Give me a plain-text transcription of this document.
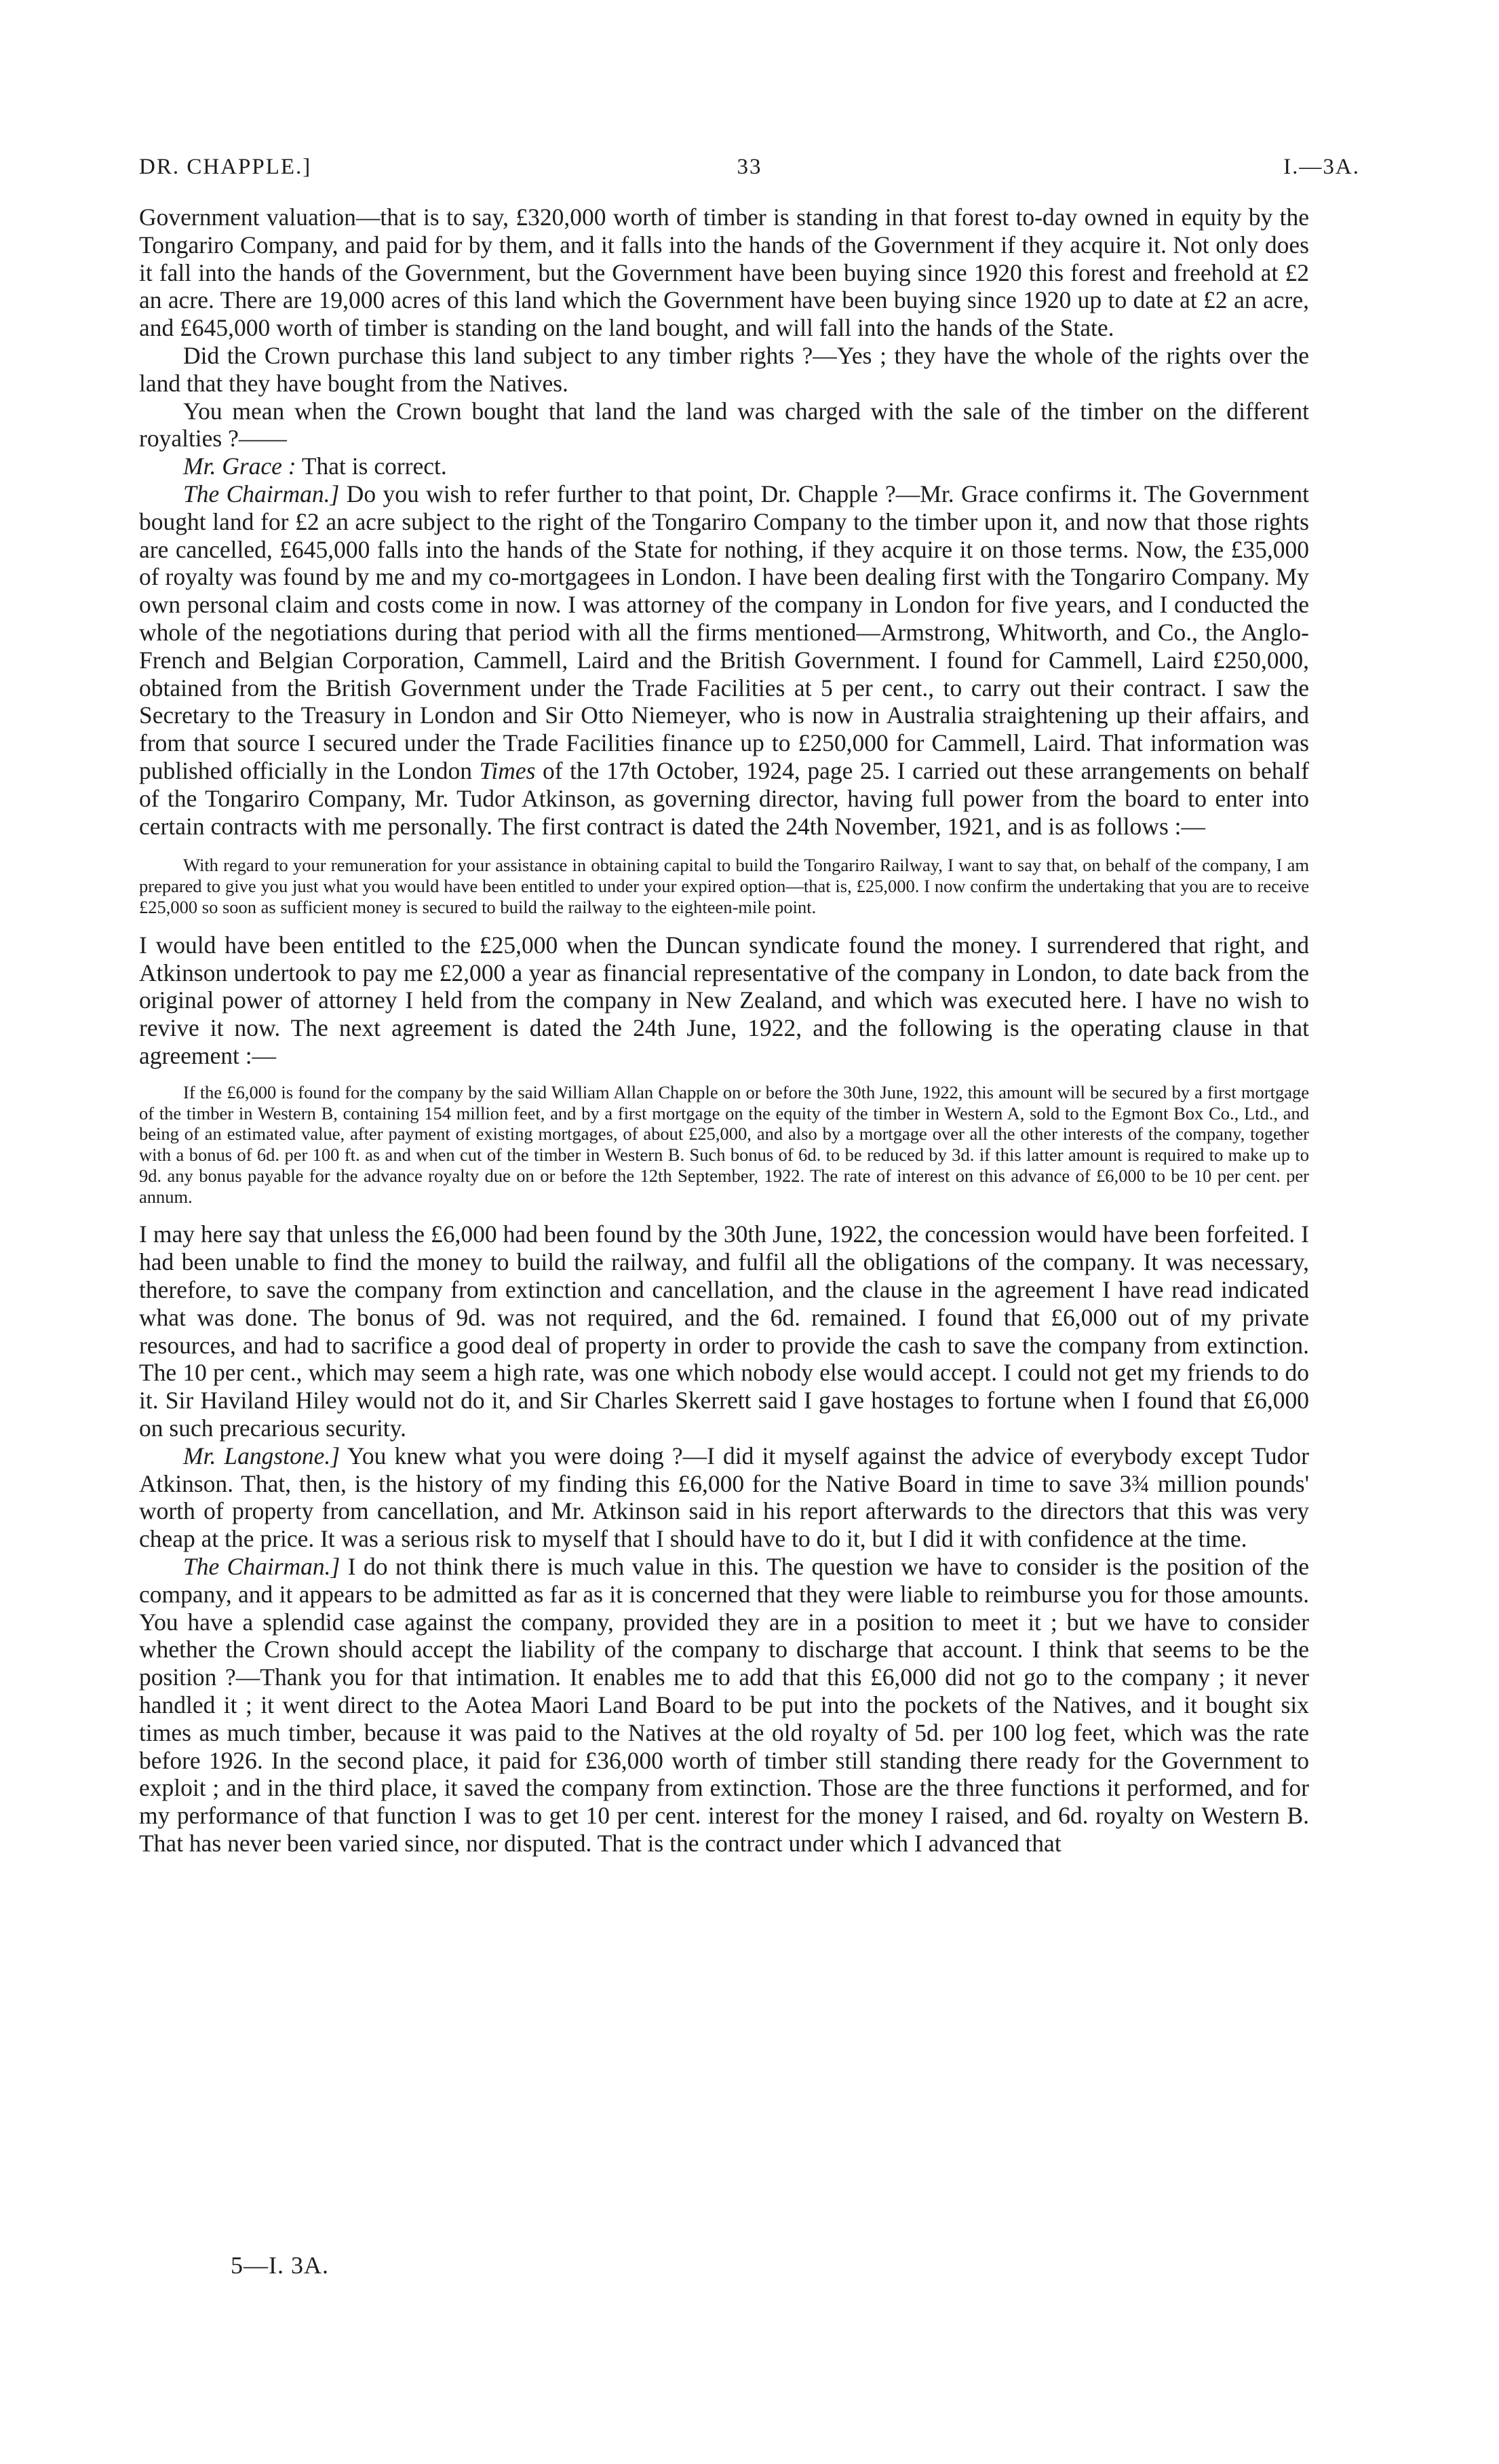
DR. CHAPPLE.]	33	I.—3A.

Government valuation—that is to say, £320,000 worth of timber is standing in that forest to-day owned in equity by the Tongariro Company, and paid for by them, and it falls into the hands of the Government if they acquire it. Not only does it fall into the hands of the Government, but the Government have been buying since 1920 this forest and freehold at £2 an acre. There are 19,000 acres of this land which the Government have been buying since 1920 up to date at £2 an acre, and £645,000 worth of timber is standing on the land bought, and will fall into the hands of the State.

Did the Crown purchase this land subject to any timber rights ?—Yes ; they have the whole of the rights over the land that they have bought from the Natives.

You mean when the Crown bought that land the land was charged with the sale of the timber on the different royalties ?——

Mr. Grace : That is correct.

The Chairman.] Do you wish to refer further to that point, Dr. Chapple ?—Mr. Grace confirms it. The Government bought land for £2 an acre subject to the right of the Tongariro Company to the timber upon it, and now that those rights are cancelled, £645,000 falls into the hands of the State for nothing, if they acquire it on those terms. Now, the £35,000 of royalty was found by me and my co-mortgagees in London. I have been dealing first with the Tongariro Company. My own personal claim and costs come in now. I was attorney of the company in London for five years, and I conducted the whole of the negotiations during that period with all the firms mentioned—Armstrong, Whitworth, and Co., the Anglo-French and Belgian Corporation, Cammell, Laird and the British Government. I found for Cammell, Laird £250,000, obtained from the British Government under the Trade Facilities at 5 per cent., to carry out their contract. I saw the Secretary to the Treasury in London and Sir Otto Niemeyer, who is now in Australia straightening up their affairs, and from that source I secured under the Trade Facilities finance up to £250,000 for Cammell, Laird. That information was published officially in the London Times of the 17th October, 1924, page 25. I carried out these arrangements on behalf of the Tongariro Company, Mr. Tudor Atkinson, as governing director, having full power from the board to enter into certain contracts with me personally. The first contract is dated the 24th November, 1921, and is as follows :—

With regard to your remuneration for your assistance in obtaining capital to build the Tongariro Railway, I want to say that, on behalf of the company, I am prepared to give you just what you would have been entitled to under your expired option—that is, £25,000. I now confirm the undertaking that you are to receive £25,000 so soon as sufficient money is secured to build the railway to the eighteen-mile point.

I would have been entitled to the £25,000 when the Duncan syndicate found the money. I surrendered that right, and Atkinson undertook to pay me £2,000 a year as financial representative of the company in London, to date back from the original power of attorney I held from the company in New Zealand, and which was executed here. I have no wish to revive it now. The next agreement is dated the 24th June, 1922, and the following is the operating clause in that agreement :—

If the £6,000 is found for the company by the said William Allan Chapple on or before the 30th June, 1922, this amount will be secured by a first mortgage of the timber in Western B, containing 154 million feet, and by a first mortgage on the equity of the timber in Western A, sold to the Egmont Box Co., Ltd., and being of an estimated value, after payment of existing mortgages, of about £25,000, and also by a mortgage over all the other interests of the company, together with a bonus of 6d. per 100 ft. as and when cut of the timber in Western B. Such bonus of 6d. to be reduced by 3d. if this latter amount is required to make up to 9d. any bonus payable for the advance royalty due on or before the 12th September, 1922. The rate of interest on this advance of £6,000 to be 10 per cent. per annum.

I may here say that unless the £6,000 had been found by the 30th June, 1922, the concession would have been forfeited. I had been unable to find the money to build the railway, and fulfil all the obligations of the company. It was necessary, therefore, to save the company from extinction and cancellation, and the clause in the agreement I have read indicated what was done. The bonus of 9d. was not required, and the 6d. remained. I found that £6,000 out of my private resources, and had to sacrifice a good deal of property in order to provide the cash to save the company from extinction. The 10 per cent., which may seem a high rate, was one which nobody else would accept. I could not get my friends to do it. Sir Haviland Hiley would not do it, and Sir Charles Skerrett said I gave hostages to fortune when I found that £6,000 on such precarious security.

Mr. Langstone.] You knew what you were doing ?—I did it myself against the advice of everybody except Tudor Atkinson. That, then, is the history of my finding this £6,000 for the Native Board in time to save 3¾ million pounds' worth of property from cancellation, and Mr. Atkinson said in his report afterwards to the directors that this was very cheap at the price. It was a serious risk to myself that I should have to do it, but I did it with confidence at the time.

The Chairman.] I do not think there is much value in this. The question we have to consider is the position of the company, and it appears to be admitted as far as it is concerned that they were liable to reimburse you for those amounts. You have a splendid case against the company, provided they are in a position to meet it ; but we have to consider whether the Crown should accept the liability of the company to discharge that account. I think that seems to be the position ?—Thank you for that intimation. It enables me to add that this £6,000 did not go to the company ; it never handled it ; it went direct to the Aotea Maori Land Board to be put into the pockets of the Natives, and it bought six times as much timber, because it was paid to the Natives at the old royalty of 5d. per 100 log feet, which was the rate before 1926. In the second place, it paid for £36,000 worth of timber still standing there ready for the Government to exploit ; and in the third place, it saved the company from extinction. Those are the three functions it performed, and for my performance of that function I was to get 10 per cent. interest for the money I raised, and 6d. royalty on Western B. That has never been varied since, nor disputed. That is the contract under which I advanced that

5—I. 3A.
